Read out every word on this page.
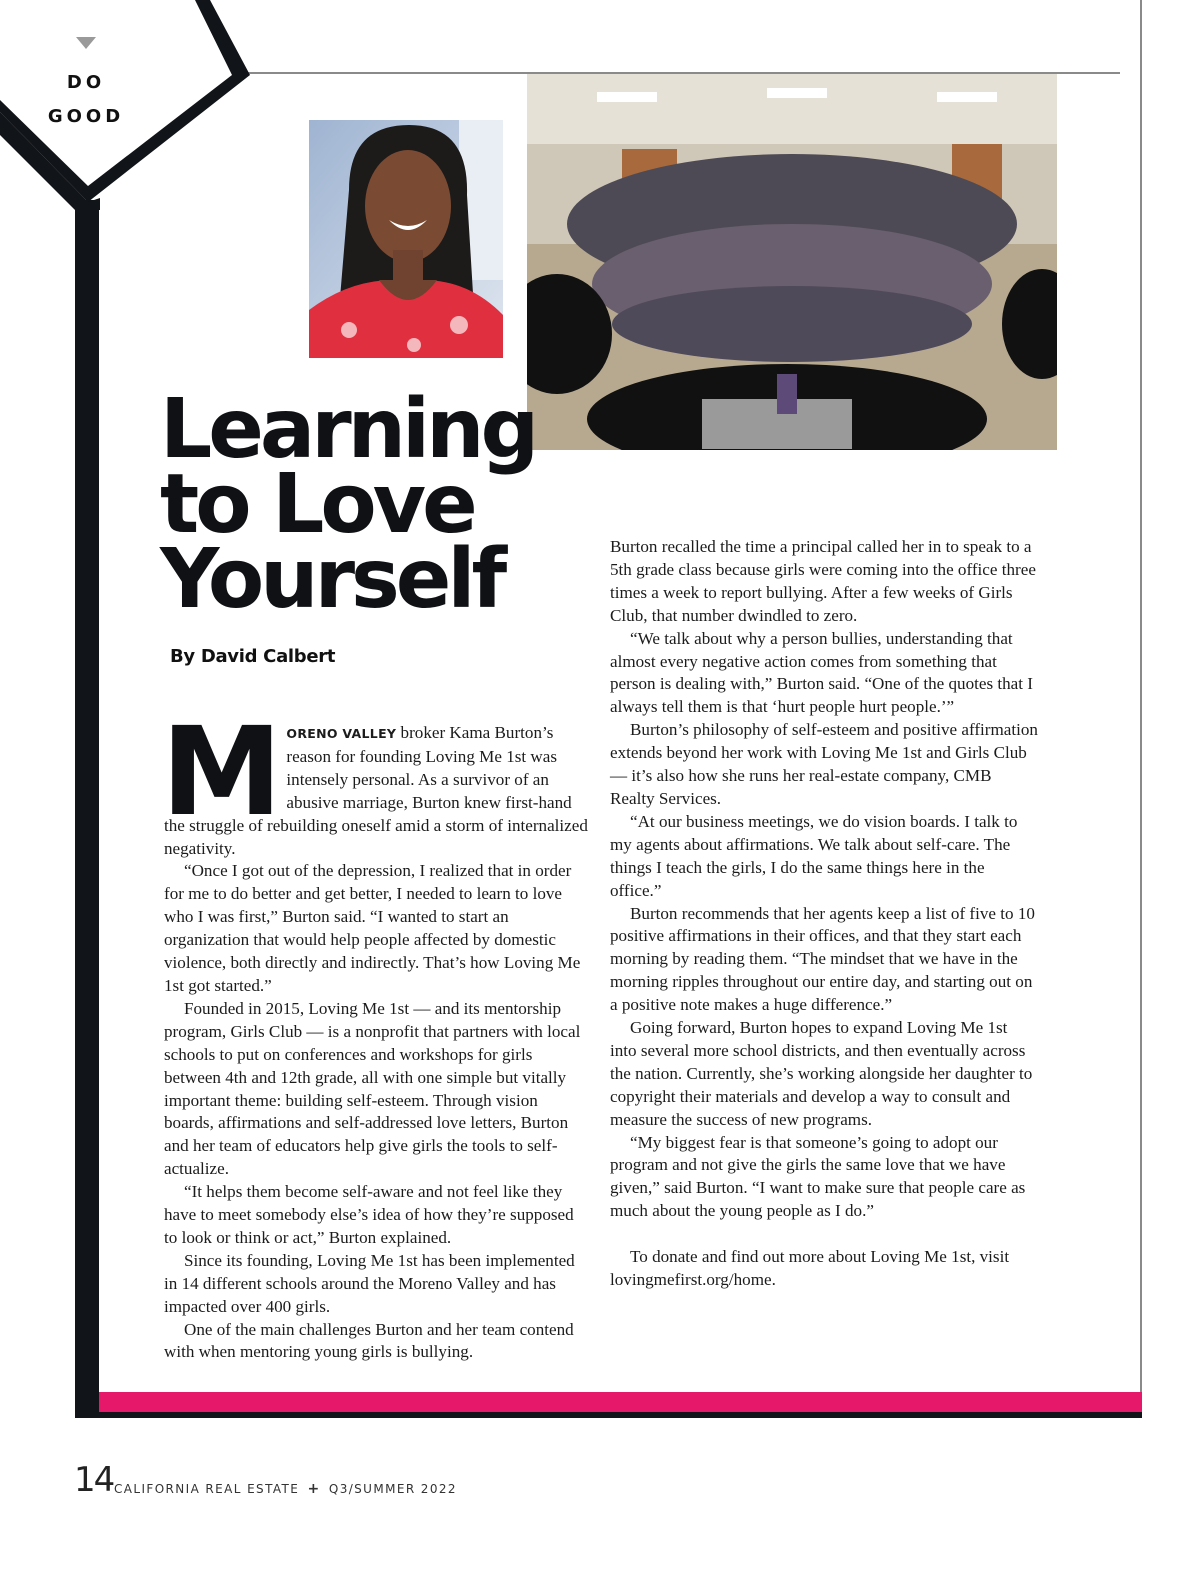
DO
GOOD
Learning
to Love
Yourself

By David Calbert

MORENO VALLEY broker Kama Burton’s reason for founding Loving Me 1st was intensely personal. As a survivor of an abusive marriage, Burton knew first-hand the struggle of rebuilding oneself amid a storm of internalized negativity.

“Once I got out of the depression, I realized that in order for me to do better and get better, I needed to learn to love who I was first,” Burton said. “I wanted to start an organization that would help people affected by domestic violence, both directly and indirectly. That’s how Loving Me 1st got started.”

Founded in 2015, Loving Me 1st — and its mentorship program, Girls Club — is a nonprofit that partners with local schools to put on conferences and workshops for girls between 4th and 12th grade, all with one simple but vitally important theme: building self-esteem. Through vision boards, affirmations and self-addressed love letters, Burton and her team of educators help give girls the tools to self-actualize.

“It helps them become self-aware and not feel like they have to meet somebody else’s idea of how they’re supposed to look or think or act,” Burton explained.

Since its founding, Loving Me 1st has been implemented in 14 different schools around the Moreno Valley and has impacted over 400 girls.

One of the main challenges Burton and her team contend with when mentoring young girls is bullying.

Burton recalled the time a principal called her in to speak to a 5th grade class because girls were coming into the office three times a week to report bullying. After a few weeks of Girls Club, that number dwindled to zero.

“We talk about why a person bullies, understanding that almost every negative action comes from something that person is dealing with,” Burton said. “One of the quotes that I always tell them is that ‘hurt people hurt people.’”

Burton’s philosophy of self-esteem and positive affirmation extends beyond her work with Loving Me 1st and Girls Club — it’s also how she runs her real-estate company, CMB Realty Services.

“At our business meetings, we do vision boards. I talk to my agents about affirmations. We talk about self-care. The things I teach the girls, I do the same things here in the office.”

Burton recommends that her agents keep a list of five to 10 positive affirmations in their offices, and that they start each morning by reading them. “The mindset that we have in the morning ripples throughout our entire day, and starting out on a positive note makes a huge difference.”

Going forward, Burton hopes to expand Loving Me 1st into several more school districts, and then eventually across the nation. Currently, she’s working alongside her daughter to copyright their materials and develop a way to consult and measure the success of new programs.

“My biggest fear is that someone’s going to adopt our program and not give the girls the same love that we have given,” said Burton. “I want to make sure that people care as much about the young people as I do.”

To donate and find out more about Loving Me 1st, visit lovingmefirst.org/home.

14 CALIFORNIA REAL ESTATE + Q3/SUMMER 2022
